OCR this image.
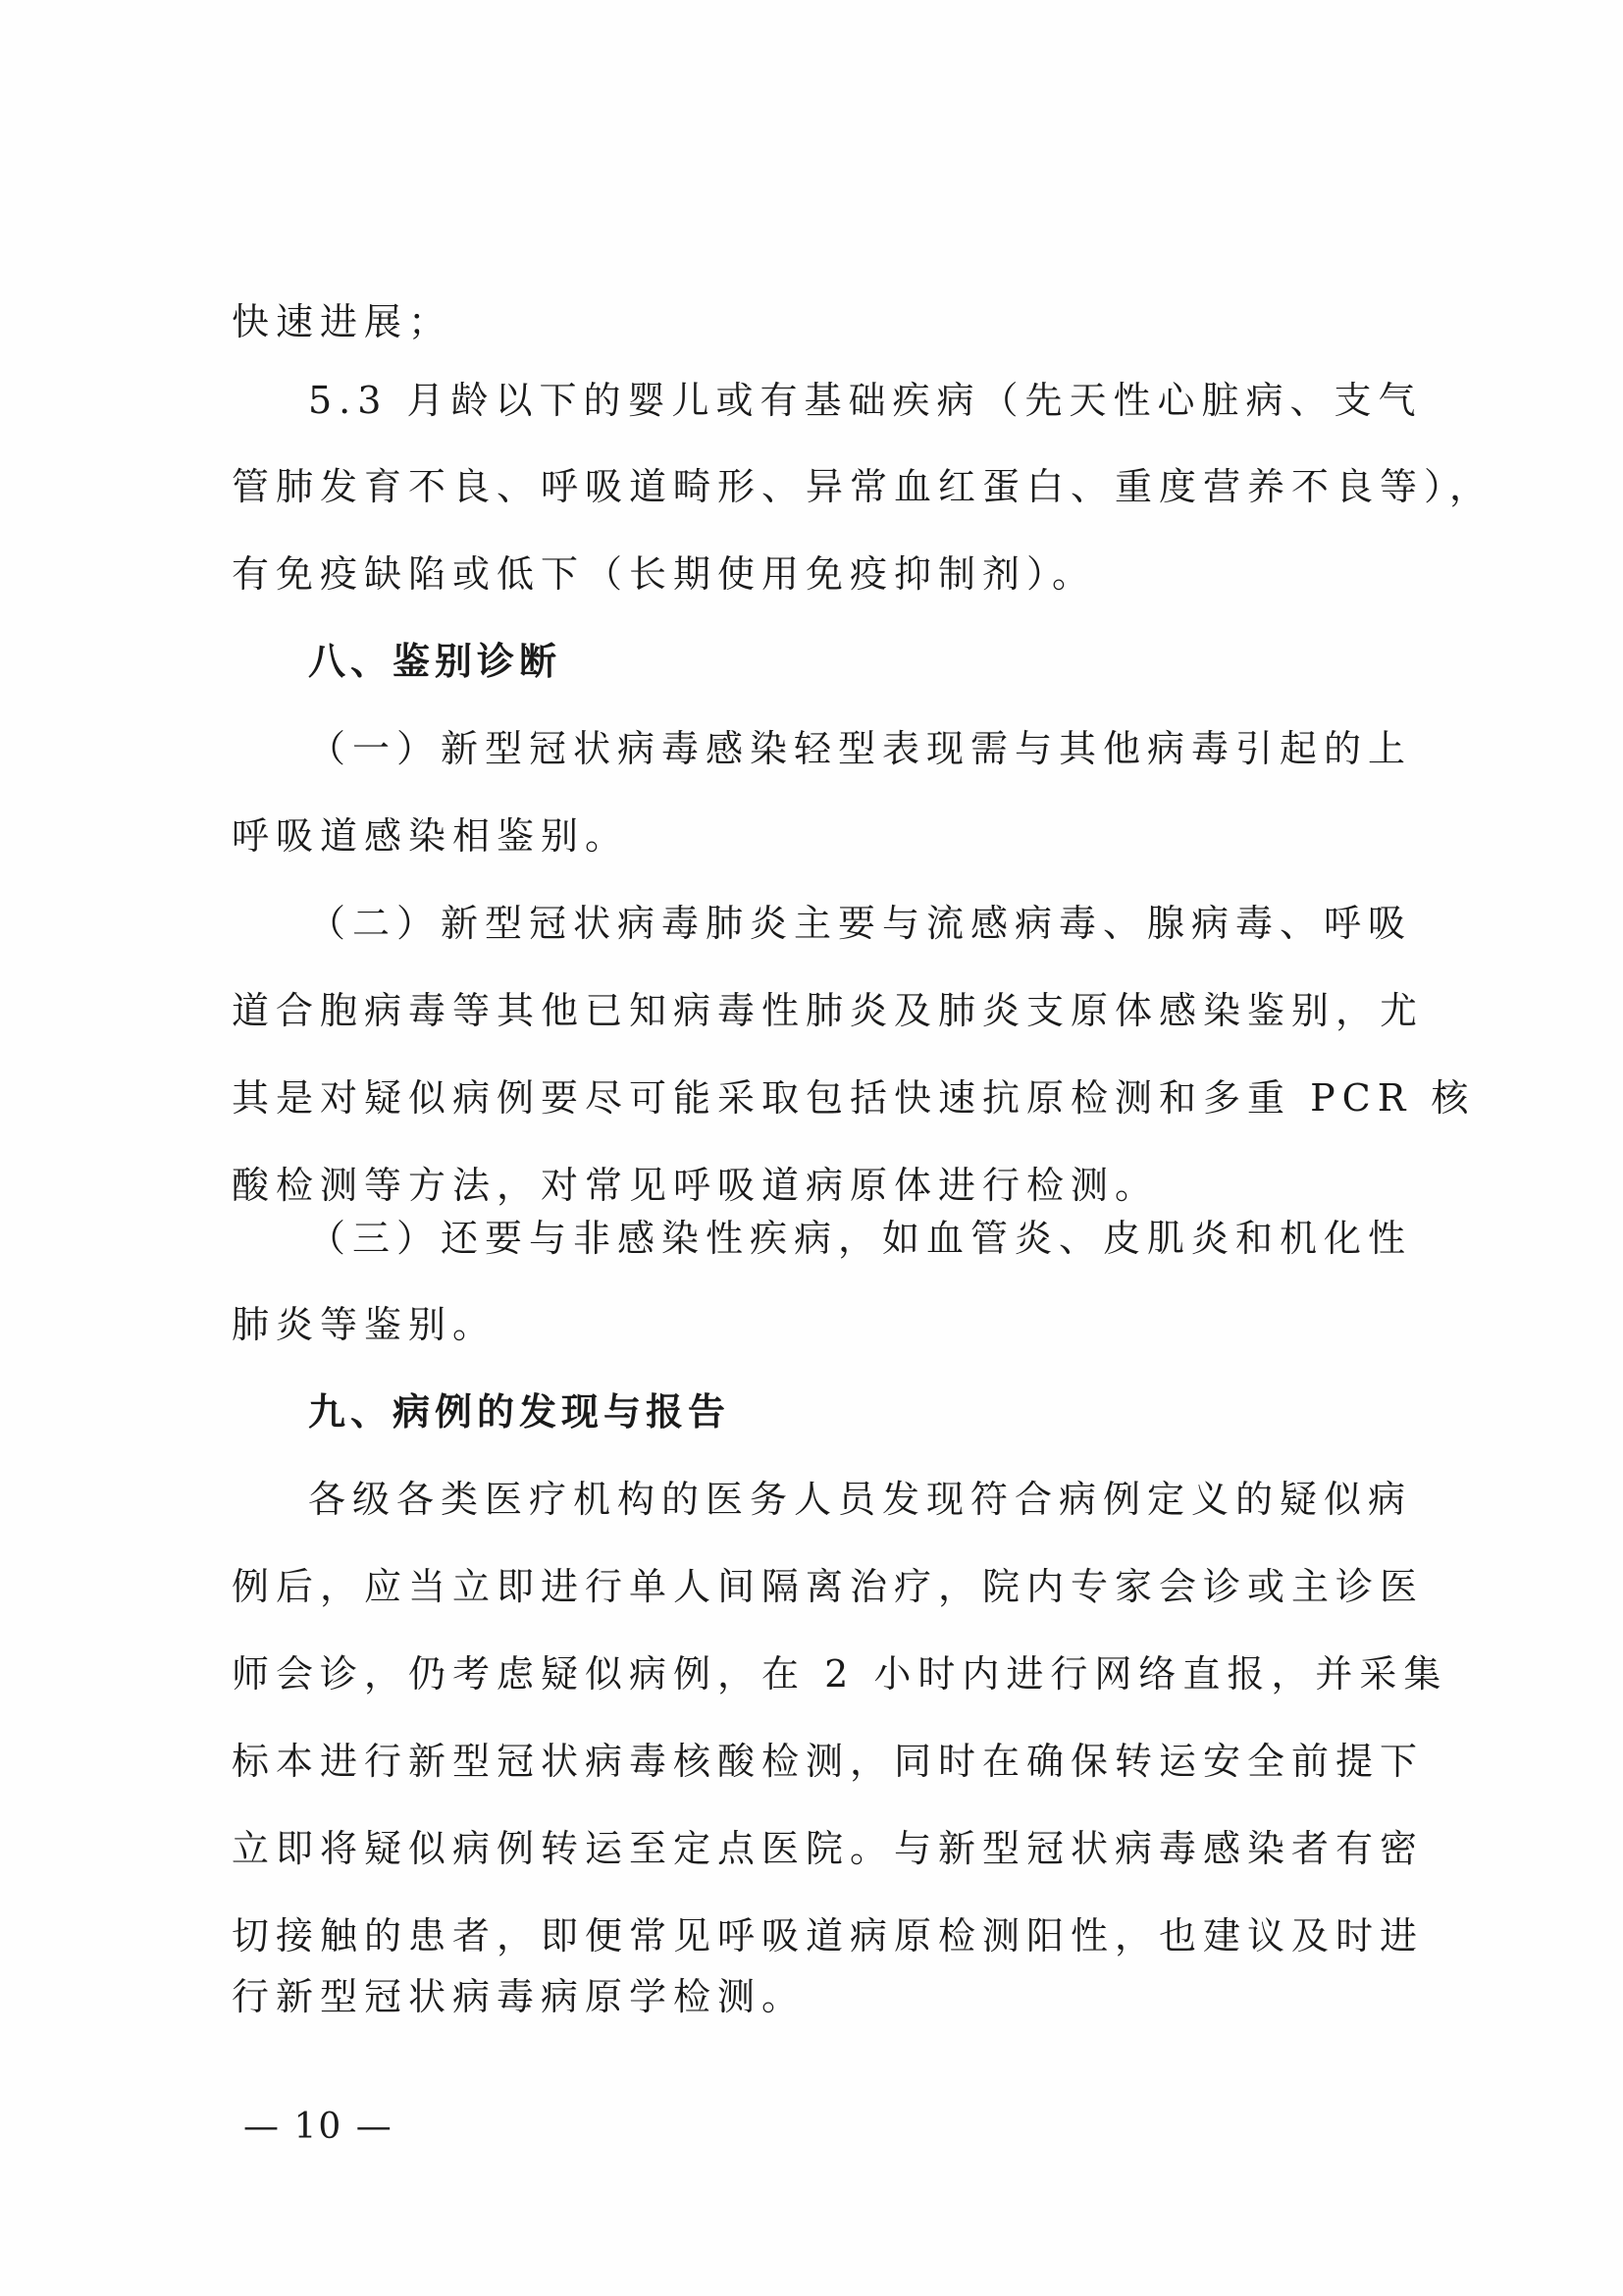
快速进展；
5.3 月龄以下的婴儿或有基础疾病（先天性心脏病、支气
管肺发育不良、呼吸道畸形、异常血红蛋白、重度营养不良等），
有免疫缺陷或低下（长期使用免疫抑制剂）。
八、鉴别诊断
（一）新型冠状病毒感染轻型表现需与其他病毒引起的上
呼吸道感染相鉴别。
（二）新型冠状病毒肺炎主要与流感病毒、腺病毒、呼吸
道合胞病毒等其他已知病毒性肺炎及肺炎支原体感染鉴别，尤
其是对疑似病例要尽可能采取包括快速抗原检测和多重 PCR 核
酸检测等方法，对常见呼吸道病原体进行检测。
（三）还要与非感染性疾病，如血管炎、皮肌炎和机化性
肺炎等鉴别。
九、病例的发现与报告
各级各类医疗机构的医务人员发现符合病例定义的疑似病
例后，应当立即进行单人间隔离治疗，院内专家会诊或主诊医
师会诊，仍考虑疑似病例，在 2 小时内进行网络直报，并采集
标本进行新型冠状病毒核酸检测，同时在确保转运安全前提下
立即将疑似病例转运至定点医院。与新型冠状病毒感染者有密
切接触的患者，即便常见呼吸道病原检测阳性，也建议及时进
行新型冠状病毒病原学检测。
— 10 —
